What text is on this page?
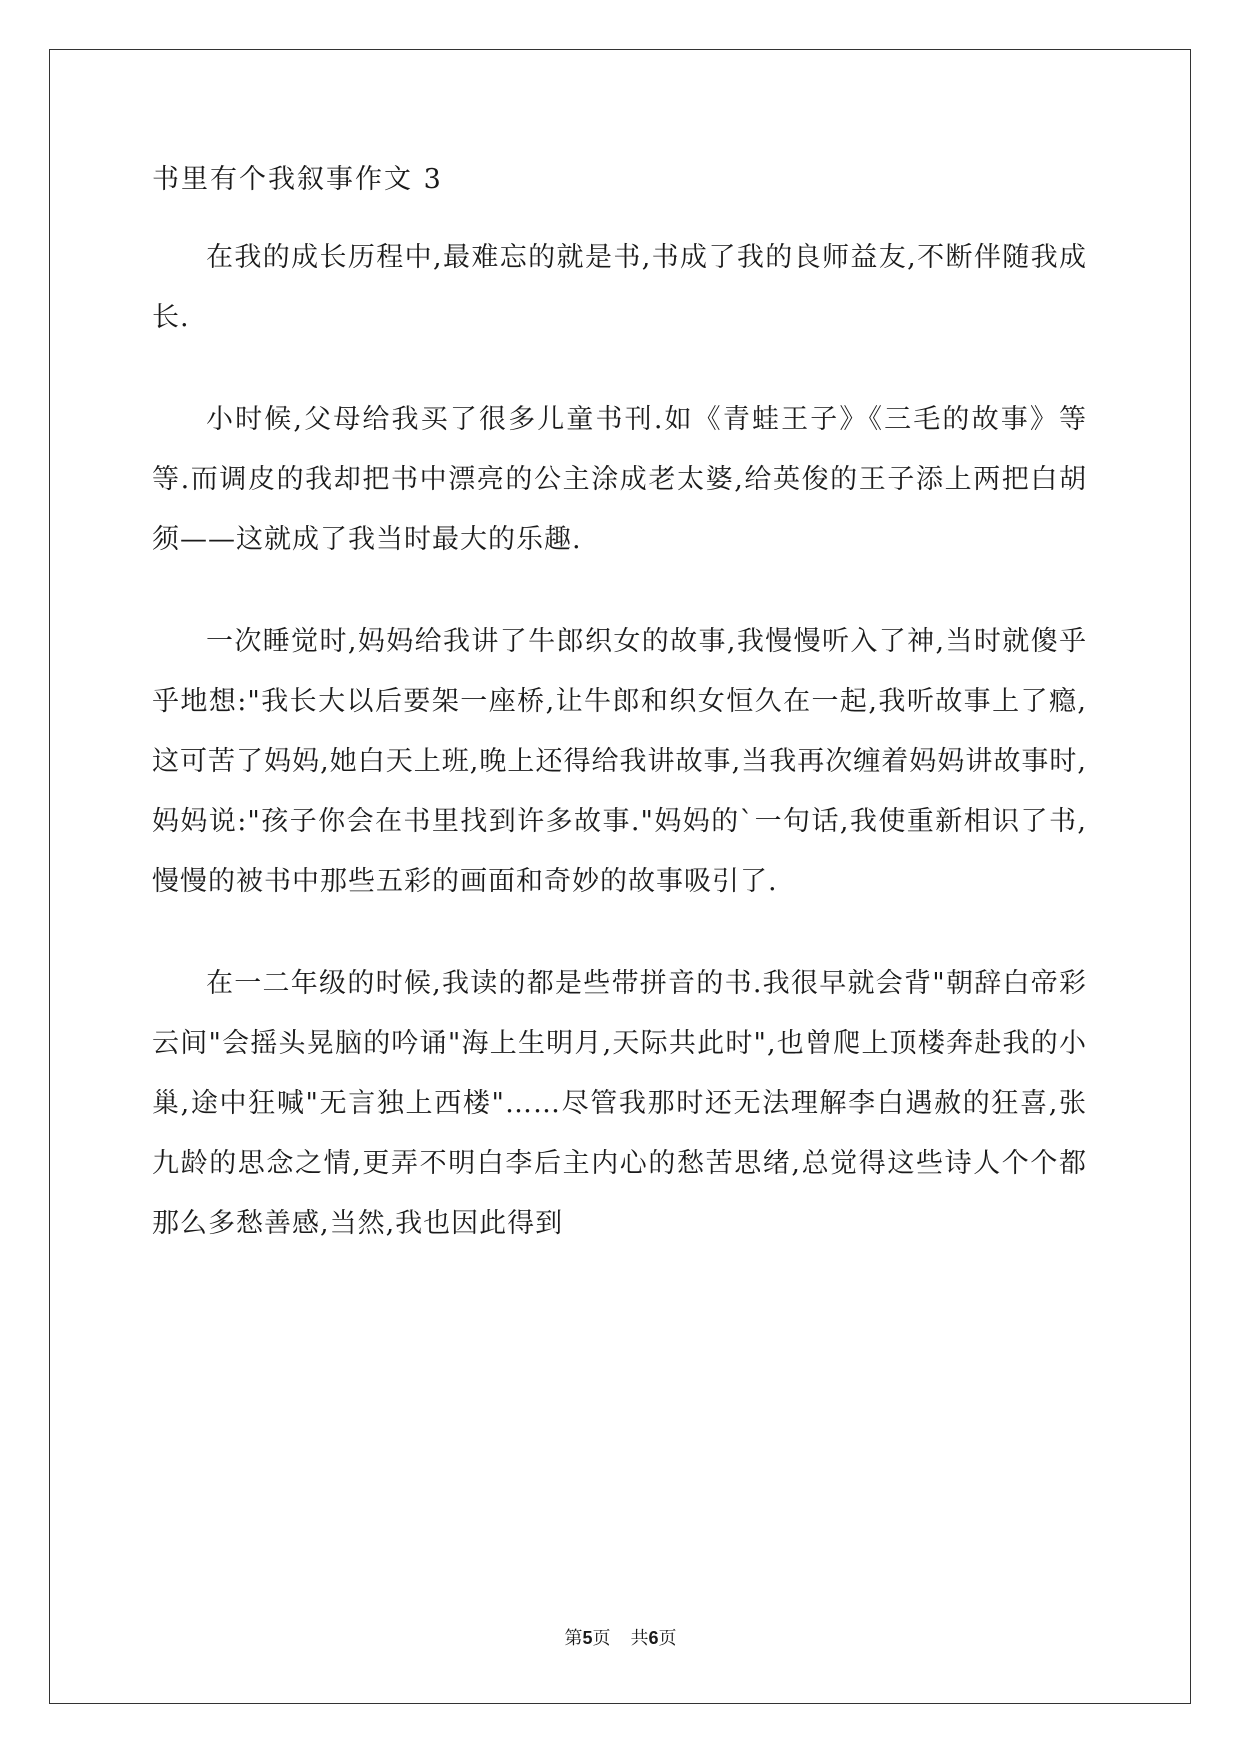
书里有个我叙事作文 3

在我的成长历程中,最难忘的就是书,书成了我的良师益友,不断伴随我成长.

小时候,父母给我买了很多儿童书刊.如《青蛙王子》《三毛的故事》等等.而调皮的我却把书中漂亮的公主涂成老太婆,给英俊的王子添上两把白胡须——这就成了我当时最大的乐趣.

一次睡觉时,妈妈给我讲了牛郎织女的故事,我慢慢听入了神,当时就傻乎乎地想:"我长大以后要架一座桥,让牛郎和织女恒久在一起,我听故事上了瘾,这可苦了妈妈,她白天上班,晚上还得给我讲故事,当我再次缠着妈妈讲故事时,妈妈说:"孩子你会在书里找到许多故事."妈妈的`一句话,我使重新相识了书,慢慢的被书中那些五彩的画面和奇妙的故事吸引了.

在一二年级的时候,我读的都是些带拼音的书.我很早就会背"朝辞白帝彩云间"会摇头晃脑的吟诵"海上生明月,天际共此时",也曾爬上顶楼奔赴我的小巢,途中狂喊"无言独上西楼"……尽管我那时还无法理解李白遇赦的狂喜,张九龄的思念之情,更弄不明白李后主内心的愁苦思绪,总觉得这些诗人个个都那么多愁善感,当然,我也因此得到

第5页 共6页
